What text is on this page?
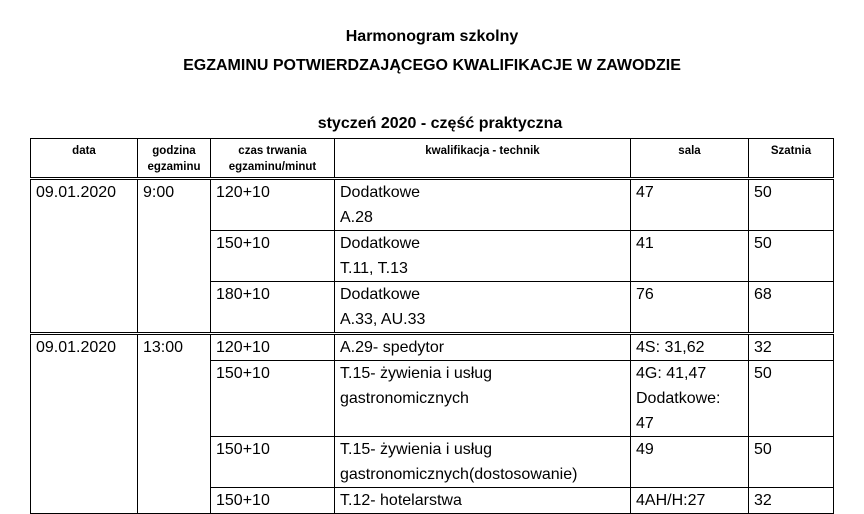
Harmonogram szkolny
EGZAMINU POTWIERDZAJĄCEGO KWALIFIKACJE W ZAWODZIE
styczeń 2020 - część praktyczna
data	godzina egzaminu	czas trwania egzaminu/minut	kwalifikacja - technik	sala	Szatnia
09.01.2020	9:00	120+10	Dodatkowe
A.28	47	50
		150+10	Dodatkowe
T.11, T.13	41	50
		180+10	Dodatkowe
A.33, AU.33	76	68
09.01.2020	13:00	120+10	A.29- spedytor	4S: 31,62	32
		150+10	T.15- żywienia i usług
gastronomicznych	4G: 41,47
Dodatkowe:
47	50
		150+10	T.15- żywienia i usług
gastronomicznych(dostosowanie)	49	50
		150+10	T.12- hotelarstwa	4AH/H:27	32
